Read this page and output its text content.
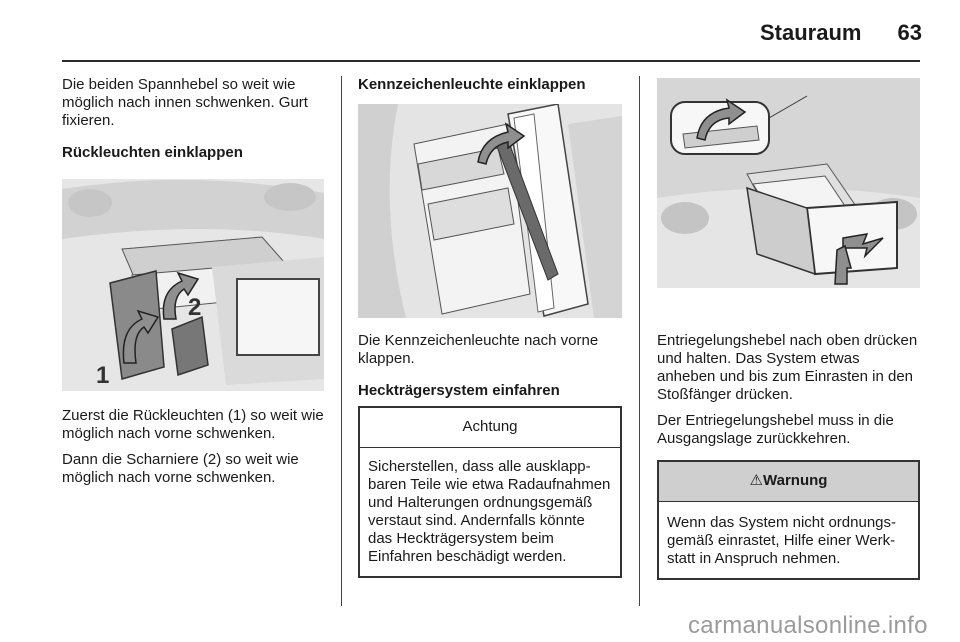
Stauraum	63

Die beiden Spannhebel so weit wie möglich nach innen schwenken. Gurt fixieren.

Rückleuchten einklappen
1
2

Zuerst die Rückleuchten (1) so weit wie möglich nach vorne schwenken.

Dann die Scharniere (2) so weit wie möglich nach vorne schwenken.

Kennzeichenleuchte einklappen

Die Kennzeichenleuchte nach vorne klappen.

Heckträgersystem einfahren
Achtung
Sicherstellen, dass alle ausklappbaren Teile wie etwa Radaufnahmen und Halterungen ordnungsgemäß verstaut sind. Andernfalls könnte das Heckträgersystem beim Einfahren beschädigt werden.

Entriegelungshebel nach oben drücken und halten. Das System etwas anheben und bis zum Einrasten in den Stoßfänger drücken.

Der Entriegelungshebel muss in die Ausgangslage zurückkehren.

⚠Warnung
Wenn das System nicht ordnungsgemäß einrastet, Hilfe einer Werkstatt in Anspruch nehmen.
carmanualsonline.info
